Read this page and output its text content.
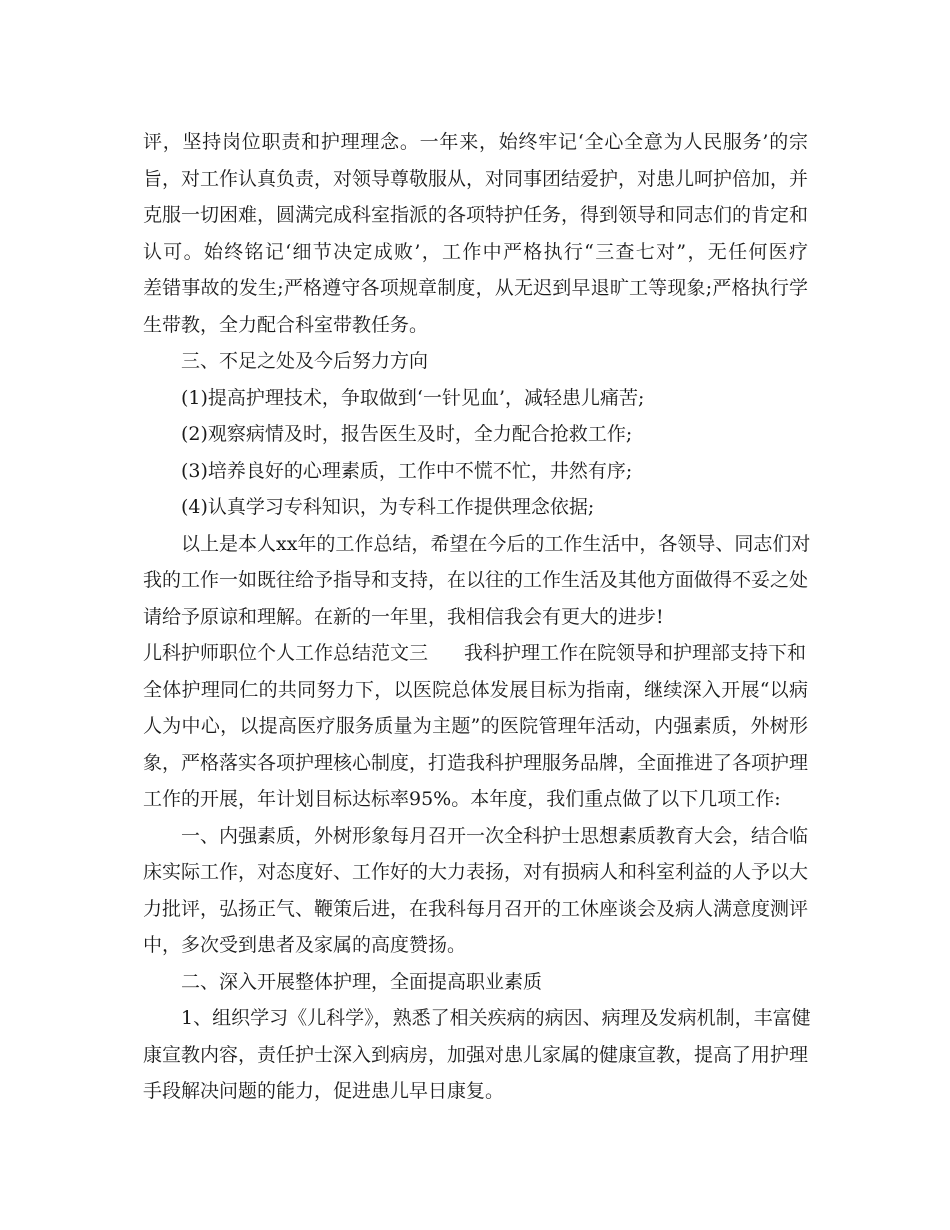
评，坚持岗位职责和护理理念。一年来，始终牢记‘全心全意为人民服务’的宗
旨，对工作认真负责，对领导尊敬服从，对同事团结爱护，对患儿呵护倍加，并
克服一切困难，圆满完成科室指派的各项特护任务，得到领导和同志们的肯定和
认可。始终铭记‘细节决定成败’，工作中严格执行“三查七对”，无任何医疗
差错事故的发生;严格遵守各项规章制度，从无迟到早退旷工等现象;严格执行学
生带教，全力配合科室带教任务。
三、不足之处及今后努力方向
(1)提高护理技术，争取做到‘一针见血’，减轻患儿痛苦;
(2)观察病情及时，报告医生及时，全力配合抢救工作;
(3)培养良好的心理素质，工作中不慌不忙，井然有序;
(4)认真学习专科知识，为专科工作提供理念依据;
以上是本人xx年的工作总结，希望在今后的工作生活中，各领导、同志们对
我的工作一如既往给予指导和支持，在以往的工作生活及其他方面做得不妥之处
请给予原谅和理解。在新的一年里，我相信我会有更大的进步!
儿科护师职位个人工作总结范文三 我科护理工作在院领导和护理部支持下和
全体护理同仁的共同努力下，以医院总体发展目标为指南，继续深入开展“以病
人为中心，以提高医疗服务质量为主题”的医院管理年活动，内强素质，外树形
象，严格落实各项护理核心制度，打造我科护理服务品牌，全面推进了各项护理
工作的开展，年计划目标达标率95%。本年度，我们重点做了以下几项工作:
一、内强素质，外树形象每月召开一次全科护士思想素质教育大会，结合临
床实际工作，对态度好、工作好的大力表扬，对有损病人和科室利益的人予以大
力批评，弘扬正气、鞭策后进，在我科每月召开的工休座谈会及病人满意度测评
中，多次受到患者及家属的高度赞扬。
二、深入开展整体护理，全面提高职业素质
1、组织学习《儿科学》，熟悉了相关疾病的病因、病理及发病机制，丰富健
康宣教内容，责任护士深入到病房，加强对患儿家属的健康宣教，提高了用护理
手段解决问题的能力，促进患儿早日康复。
